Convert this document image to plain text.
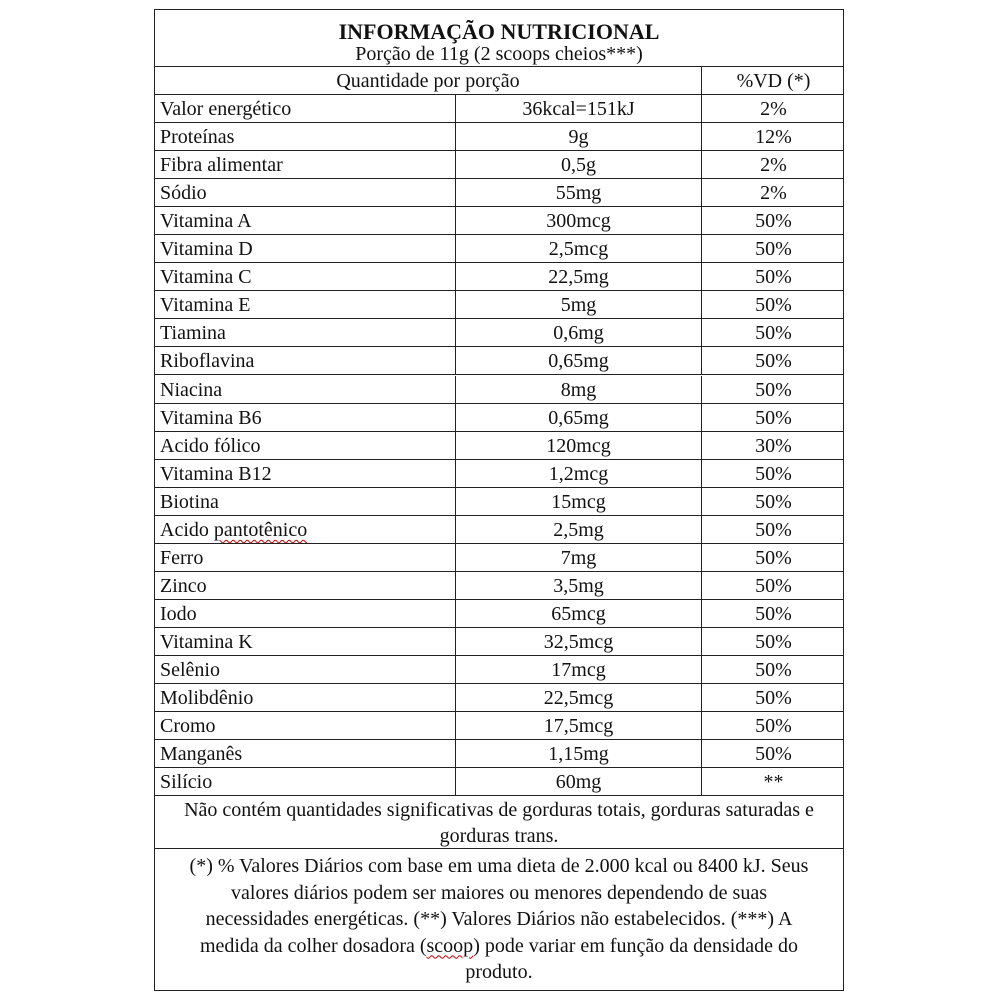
INFORMAÇÃO NUTRICIONAL
Porção de 11g (2 scoops cheios***)
Quantidade por porção	%VD (*)
Valor energético	36kcal=151kJ	2%
Proteínas	9g	12%
Fibra alimentar	0,5g	2%
Sódio	55mg	2%
Vitamina A	300mcg	50%
Vitamina D	2,5mcg	50%
Vitamina C	22,5mg	50%
Vitamina E	5mg	50%
Tiamina	0,6mg	50%
Riboflavina	0,65mg	50%
Niacina	8mg	50%
Vitamina B6	0,65mg	50%
Acido fólico	120mcg	30%
Vitamina B12	1,2mcg	50%
Biotina	15mcg	50%
Acido pantotênico	2,5mg	50%
Ferro	7mg	50%
Zinco	3,5mg	50%
Iodo	65mcg	50%
Vitamina K	32,5mcg	50%
Selênio	17mcg	50%
Molibdênio	22,5mcg	50%
Cromo	17,5mcg	50%
Manganês	1,15mg	50%
Silício	60mg	**
Não contém quantidades significativas de gorduras totais, gorduras saturadas e gorduras trans.
(*) % Valores Diários com base em uma dieta de 2.000 kcal ou 8400 kJ. Seus valores diários podem ser maiores ou menores dependendo de suas necessidades energéticas. (**) Valores Diários não estabelecidos. (***) A medida da colher dosadora (scoop) pode variar em função da densidade do produto.
